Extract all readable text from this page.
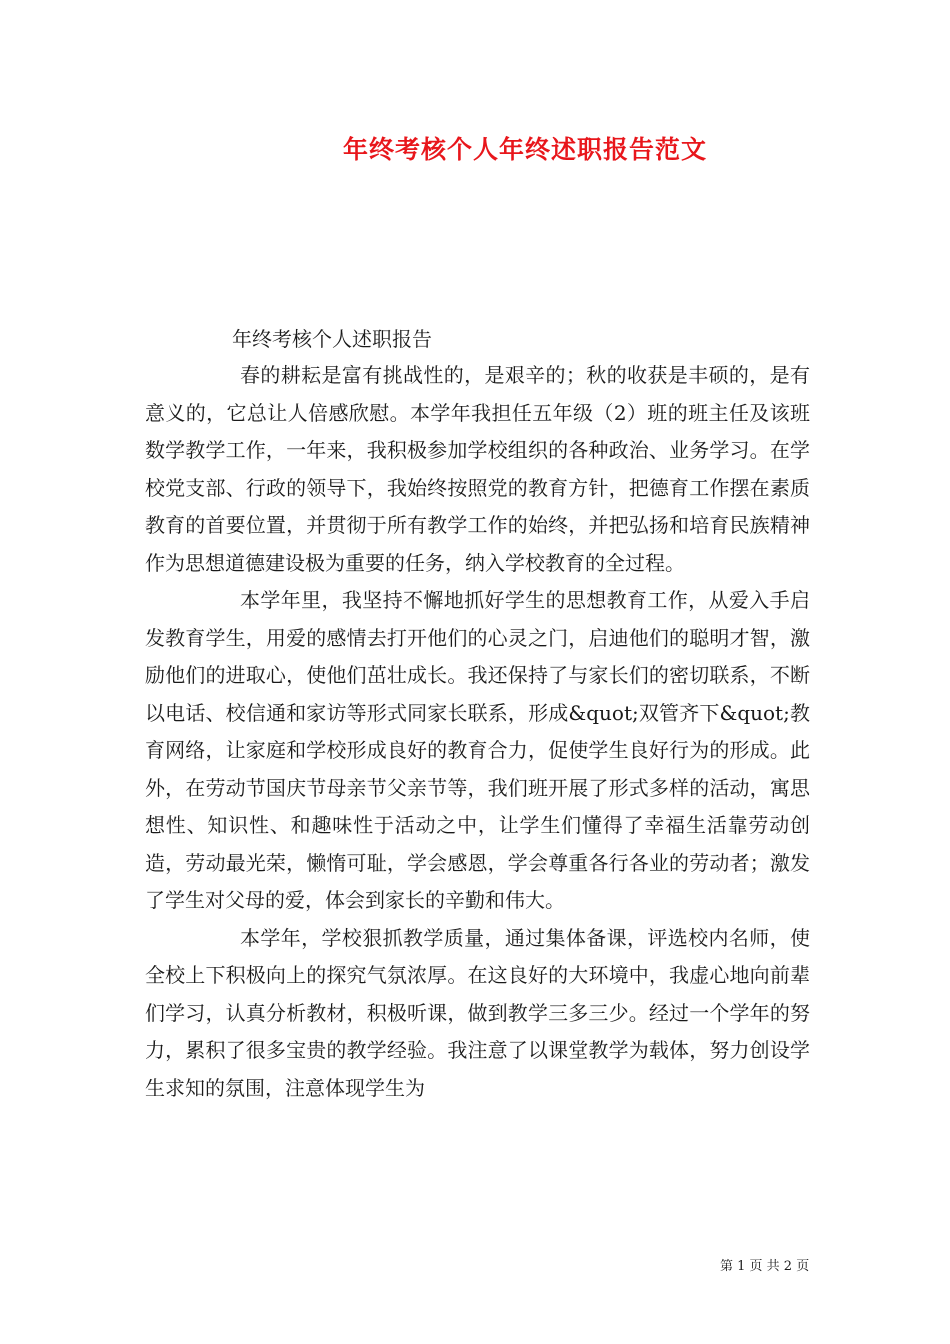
年终考核个人年终述职报告范文
年终考核个人述职报告

春的耕耘是富有挑战性的，是艰辛的；秋的收获是丰硕的，是有意义的，它总让人倍感欣慰。本学年我担任五年级（2）班的班主任及该班数学教学工作，一年来，我积极参加学校组织的各种政治、业务学习。在学校党支部、行政的领导下，我始终按照党的教育方针，把德育工作摆在素质教育的首要位置，并贯彻于所有教学工作的始终，并把弘扬和培育民族精神作为思想道德建设极为重要的任务，纳入学校教育的全过程。

本学年里，我坚持不懈地抓好学生的思想教育工作，从爱入手启发教育学生，用爱的感情去打开他们的心灵之门，启迪他们的聪明才智，激励他们的进取心，使他们茁壮成长。我还保持了与家长们的密切联系，不断以电话、校信通和家访等形式同家长联系，形成&quot;双管齐下&quot;教育网络，让家庭和学校形成良好的教育合力，促使学生良好行为的形成。此外，在劳动节国庆节母亲节父亲节等，我们班开展了形式多样的活动，寓思想性、知识性、和趣味性于活动之中，让学生们懂得了幸福生活靠劳动创造，劳动最光荣，懒惰可耻，学会感恩，学会尊重各行各业的劳动者；激发了学生对父母的爱，体会到家长的辛勤和伟大。

本学年，学校狠抓教学质量，通过集体备课，评选校内名师，使全校上下积极向上的探究气氛浓厚。在这良好的大环境中，我虚心地向前辈们学习，认真分析教材，积极听课，做到教学三多三少。经过一个学年的努力，累积了很多宝贵的教学经验。我注意了以课堂教学为载体，努力创设学生求知的氛围，注意体现学生为

第 1 页 共 2 页
